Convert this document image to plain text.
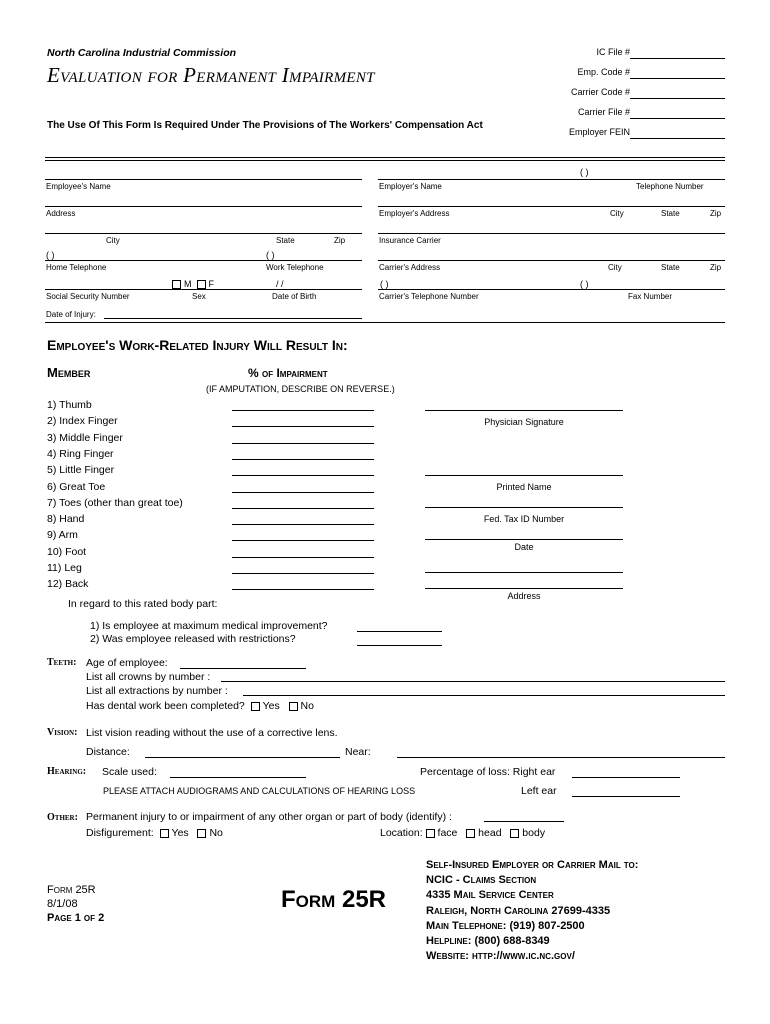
North Carolina Industrial Commission
Evaluation for Permanent Impairment
The Use Of This Form Is Required Under The Provisions of The Workers' Compensation Act
IC File #
Emp. Code #
Carrier Code #
Carrier File #
Employer FEIN
( )
Employee's Name	Employer's Name	Telephone Number
Address	Employer's Address	City	State	Zip
City	State	Zip	Insurance Carrier
( )	( )
Home Telephone	Work Telephone	Carrier's Address	City	State	Zip
M F	/ /	( )	( )
Social Security Number	Sex	Date of Birth	Carrier's Telephone Number	Fax Number
Date of Injury:
Employee's Work-Related Injury Will Result In:
Member	% of Impairment
(IF AMPUTATION, DESCRIBE ON REVERSE.)
1) Thumb
2) Index Finger
3) Middle Finger
4) Ring Finger
5) Little Finger
6) Great Toe
7) Toes (other than great toe)
8) Hand
9) Arm
10) Foot
11) Leg
12) Back
In regard to this rated body part:
1) Is employee at maximum medical improvement?
2) Was employee released with restrictions?
Physician Signature
Printed Name
Fed. Tax ID Number
Date
Address
Teeth: Age of employee:
List all crowns by number :
List all extractions by number :
Has dental work been completed? Yes No
Vision: List vision reading without the use of a corrective lens.
Distance:	Near:
Hearing: Scale used:	Percentage of loss: Right ear
PLEASE ATTACH AUDIOGRAMS AND CALCULATIONS OF HEARING LOSS	Left ear
Other: Permanent injury to or impairment of any other organ or part of body (identify) :
Disfigurement: Yes No	Location: face head body
Form 25R
8/1/08
Page 1 of 2
Form 25R
Self-Insured Employer or Carrier Mail to:
NCIC - Claims Section
4335 Mail Service Center
Raleigh, North Carolina 27699-4335
Main Telephone: (919) 807-2500
Helpline: (800) 688-8349
Website: http://www.ic.nc.gov/
